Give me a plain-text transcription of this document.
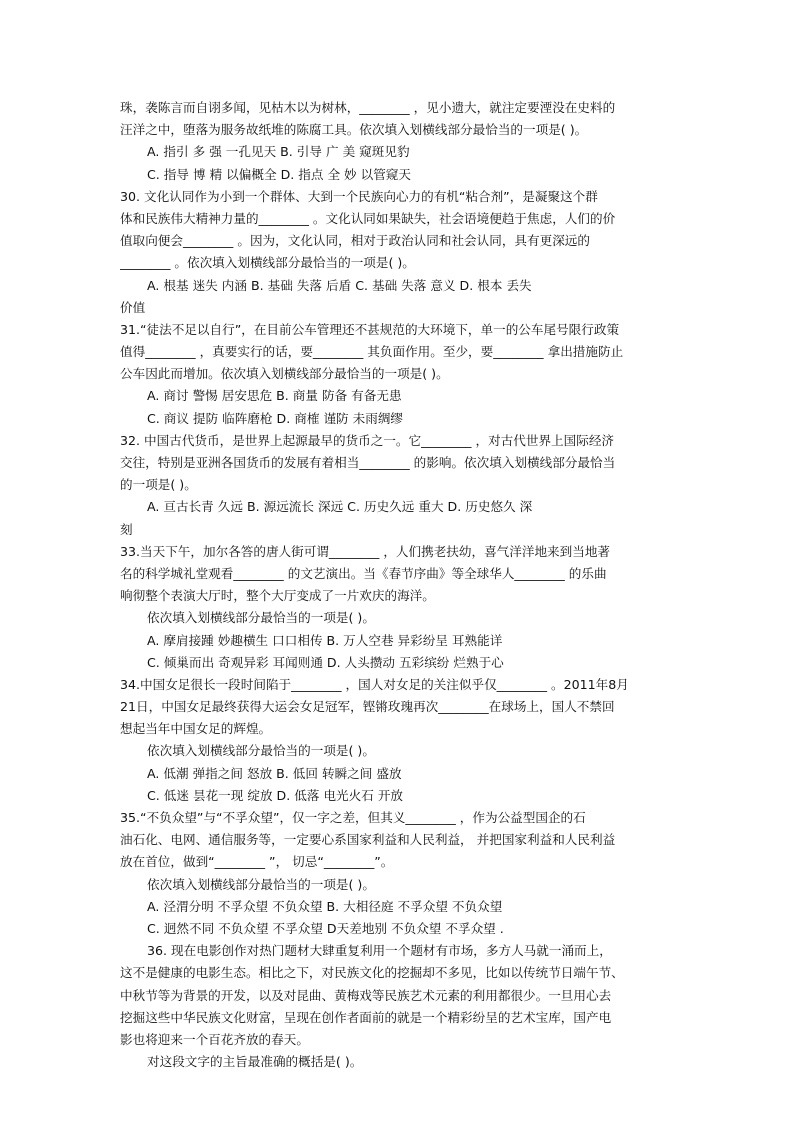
珠，袭陈言而自诩多闻，见枯木以为树林，________ ，见小遗大，就注定要湮没在史料的
汪洋之中，堕落为服务故纸堆的陈腐工具。依次填入划横线部分最恰当的一项是( )。
A. 指引 多 强 一孔见天 B. 引导 广 美 窥斑见豹
C. 指导 博 精 以偏概全 D. 指点 全 妙 以管窥天
30. 文化认同作为小到一个群体、大到一个民族向心力的有机“粘合剂”，是凝聚这个群
体和民族伟大精神力量的________ 。文化认同如果缺失，社会语境便趋于焦虑，人们的价
值取向便会________ 。因为，文化认同，相对于政治认同和社会认同，具有更深远的
________ 。依次填入划横线部分最恰当的一项是( )。
A. 根基 迷失 内涵 B. 基础 失落 后盾 C. 基础 失落 意义 D. 根本 丢失
价值
31.“徒法不足以自行”，在目前公车管理还不甚规范的大环境下，单一的公车尾号限行政策
值得________ ，真要实行的话，要________ 其负面作用。至少，要________ 拿出措施防止
公车因此而增加。依次填入划横线部分最恰当的一项是( )。
A. 商讨 警惕 居安思危 B. 商量 防备 有备无患
C. 商议 提防 临阵磨枪 D. 商榷 谨防 未雨绸缪
32. 中国古代货币，是世界上起源最早的货币之一。它________ ，对古代世界上国际经济
交往，特别是亚洲各国货币的发展有着相当________ 的影响。依次填入划横线部分最恰当
的一项是( )。
A. 亘古长青 久远 B. 源远流长 深远 C. 历史久远 重大 D. 历史悠久 深
刻
33.当天下午，加尔各答的唐人街可谓________ ，人们携老扶幼，喜气洋洋地来到当地著
名的科学城礼堂观看________ 的文艺演出。当《春节序曲》等全球华人________ 的乐曲
响彻整个表演大厅时，整个大厅变成了一片欢庆的海洋。
依次填入划横线部分最恰当的一项是( )。
A. 摩肩接踵 妙趣横生 口口相传 B. 万人空巷 异彩纷呈 耳熟能详
C. 倾巢而出 奇观异彩 耳闻则通 D. 人头攒动 五彩缤纷 烂熟于心
34.中国女足很长一段时间陷于________ ，国人对女足的关注似乎仅________ 。2011年8月
21日，中国女足最终获得大运会女足冠军，铿锵玫瑰再次________在球场上，国人不禁回
想起当年中国女足的辉煌。
依次填入划横线部分最恰当的一项是( )。
A. 低潮 弹指之间 怒放 B. 低回 转瞬之间 盛放
C. 低迷 昙花一现 绽放 D. 低落 电光火石 开放
35.“不负众望”与“不孚众望”，仅一字之差，但其义________ ，作为公益型国企的石
油石化、电网、通信服务等，一定要心系国家利益和人民利益， 并把国家利益和人民利益
放在首位，做到“________ ”， 切忌“________”。
依次填入划横线部分最恰当的一项是( )。
A. 泾渭分明 不孚众望 不负众望 B. 大相径庭 不孚众望 不负众望
C. 迥然不同 不负众望 不孚众望 D天差地别 不负众望 不孚众望 .
36. 现在电影创作对热门题材大肆重复利用一个题材有市场，多方人马就一涌而上，
这不是健康的电影生态。相比之下，对民族文化的挖掘却不多见，比如以传统节日端午节、
中秋节等为背景的开发，以及对昆曲、黄梅戏等民族艺术元素的利用都很少。一旦用心去
挖掘这些中华民族文化财富，呈现在创作者面前的就是一个精彩纷呈的艺术宝库，国产电
影也将迎来一个百花齐放的春天。
对这段文字的主旨最准确的概括是( )。
